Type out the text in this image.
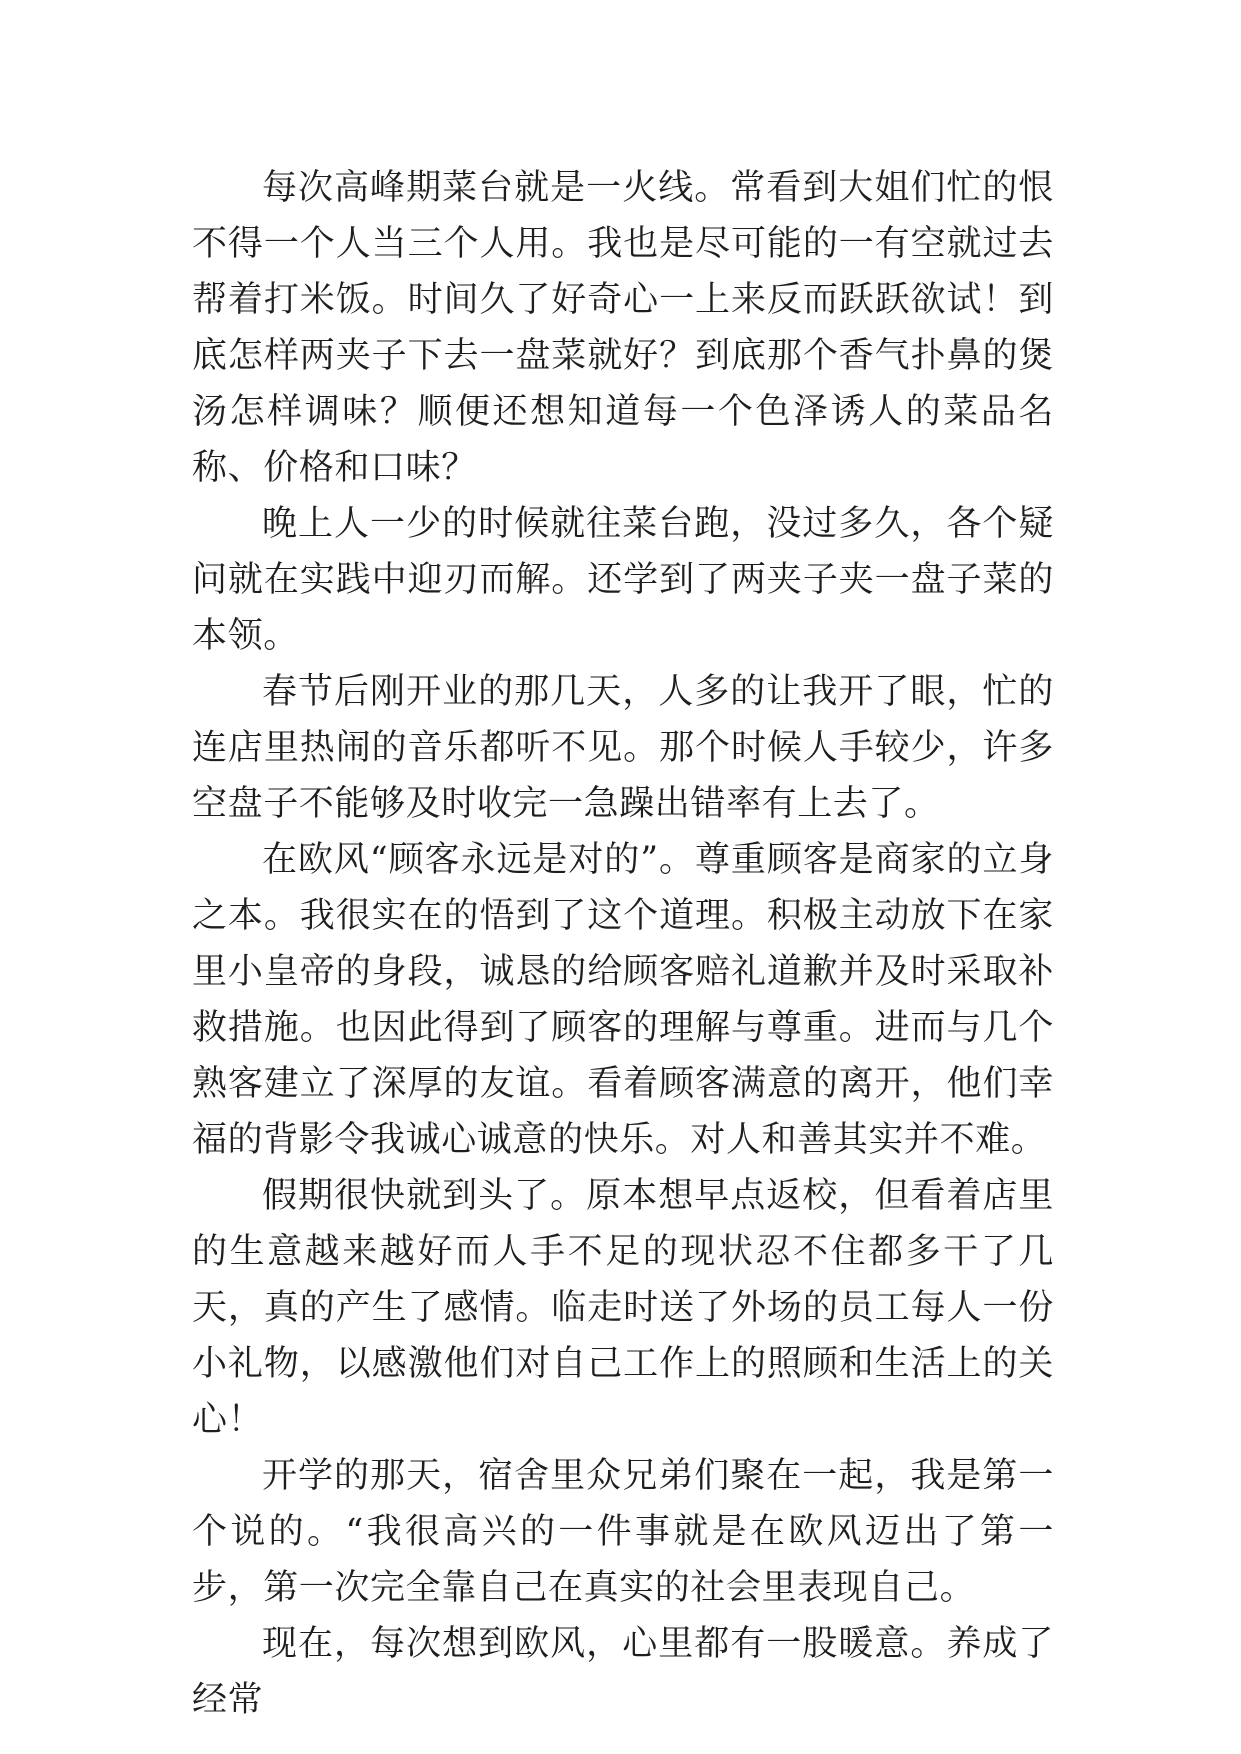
每次高峰期菜台就是一火线。常看到大姐们忙的恨不得一个人当三个人用。我也是尽可能的一有空就过去帮着打米饭。时间久了好奇心一上来反而跃跃欲试！到底怎样两夹子下去一盘菜就好？到底那个香气扑鼻的煲汤怎样调味？顺便还想知道每一个色泽诱人的菜品名称、价格和口味？

晚上人一少的时候就往菜台跑，没过多久，各个疑问就在实践中迎刃而解。还学到了两夹子夹一盘子菜的本领。

春节后刚开业的那几天，人多的让我开了眼，忙的连店里热闹的音乐都听不见。那个时候人手较少，许多空盘子不能够及时收完一急躁出错率有上去了。

在欧风“顾客永远是对的”。尊重顾客是商家的立身之本。我很实在的悟到了这个道理。积极主动放下在家里小皇帝的身段，诚恳的给顾客赔礼道歉并及时采取补救措施。也因此得到了顾客的理解与尊重。进而与几个熟客建立了深厚的友谊。看着顾客满意的离开，他们幸福的背影令我诚心诚意的快乐。对人和善其实并不难。

假期很快就到头了。原本想早点返校，但看着店里的生意越来越好而人手不足的现状忍不住都多干了几天，真的产生了感情。临走时送了外场的员工每人一份小礼物，以感激他们对自己工作上的照顾和生活上的关心！

开学的那天，宿舍里众兄弟们聚在一起，我是第一个说的。“我很高兴的一件事就是在欧风迈出了第一步，第一次完全靠自己在真实的社会里表现自己。

现在，每次想到欧风，心里都有一股暖意。养成了经常
